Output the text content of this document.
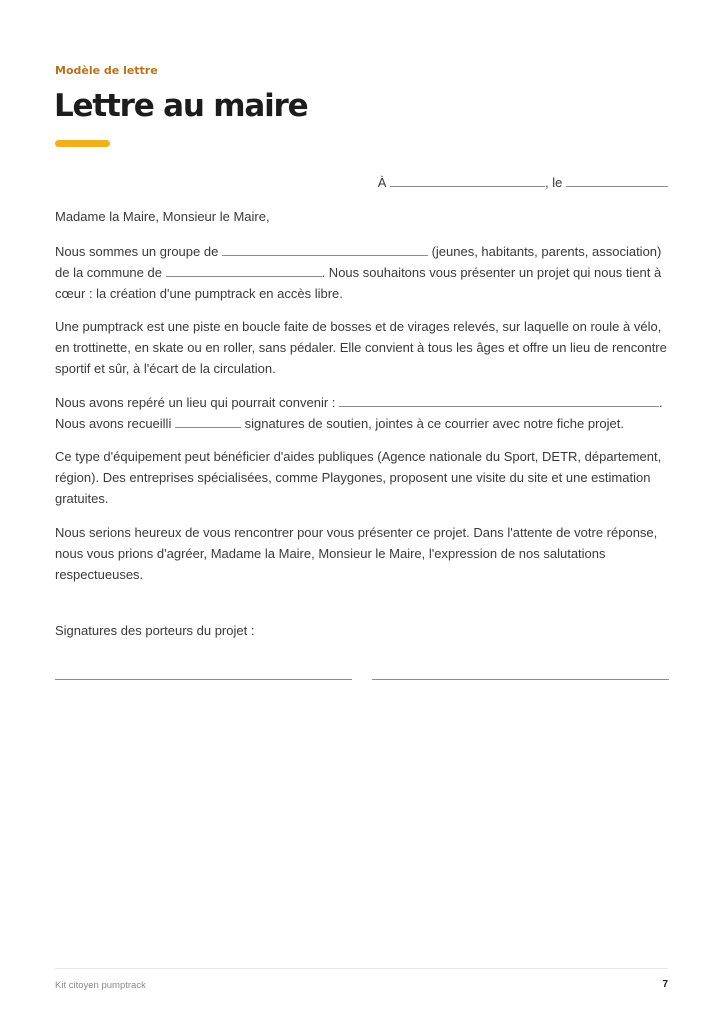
Modèle de lettre
Lettre au maire
À	, le
Madame la Maire, Monsieur le Maire,

Nous sommes un groupe de	(jeunes, habitants, parents, association) de la commune de	. Nous souhaitons vous présenter un projet qui nous tient à cœur : la création d'une pumptrack en accès libre.

Une pumptrack est une piste en boucle faite de bosses et de virages relevés, sur laquelle on roule à vélo, en trottinette, en skate ou en roller, sans pédaler. Elle convient à tous les âges et offre un lieu de rencontre sportif et sûr, à l'écart de la circulation.

Nous avons repéré un lieu qui pourrait convenir :	.
Nous avons recueilli	signatures de soutien, jointes à ce courrier avec notre fiche projet.

Ce type d'équipement peut bénéficier d'aides publiques (Agence nationale du Sport, DETR, département, région). Des entreprises spécialisées, comme Playgones, proposent une visite du site et une estimation gratuites.

Nous serions heureux de vous rencontrer pour vous présenter ce projet. Dans l'attente de votre réponse, nous vous prions d'agréer, Madame la Maire, Monsieur le Maire, l'expression de nos salutations respectueuses.

Signatures des porteurs du projet :
Kit citoyen pumptrack	7
